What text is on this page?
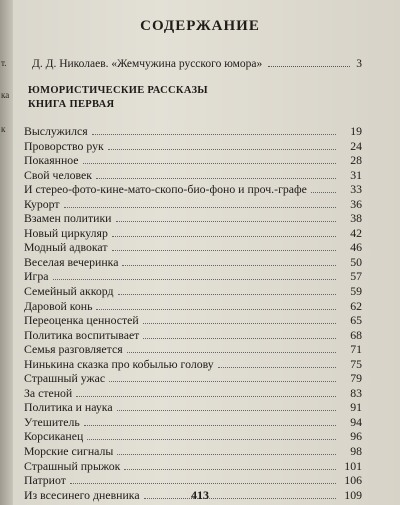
т.
ка
к
СОДЕРЖАНИЕ
Д. Д. Николаев. «Жемчужина русского юмора»	3
ЮМОРИСТИЧЕСКИЕ РАССКАЗЫ
КНИГА ПЕРВАЯ
Выслужился	19
Проворство рук	24
Покаянное	28
Свой человек	31
И стерео-фото-кине-мато-скопо-био-фоно и проч.-графе	33
Курорт	36
Взамен политики	38
Новый циркуляр	42
Модный адвокат	46
Веселая вечеринка	50
Игра	57
Семейный аккорд	59
Даровой конь	62
Переоценка ценностей	65
Политика воспитывает	68
Семья разговляется	71
Нинькина сказка про кобылью голову	75
Страшный ужас	79
За стеной	83
Политика и наука	91
Утешитель	94
Корсиканец	96
Морские сигналы	98
Страшный прыжок	101
Патриот	106
Из всесинего дневника	109
413
